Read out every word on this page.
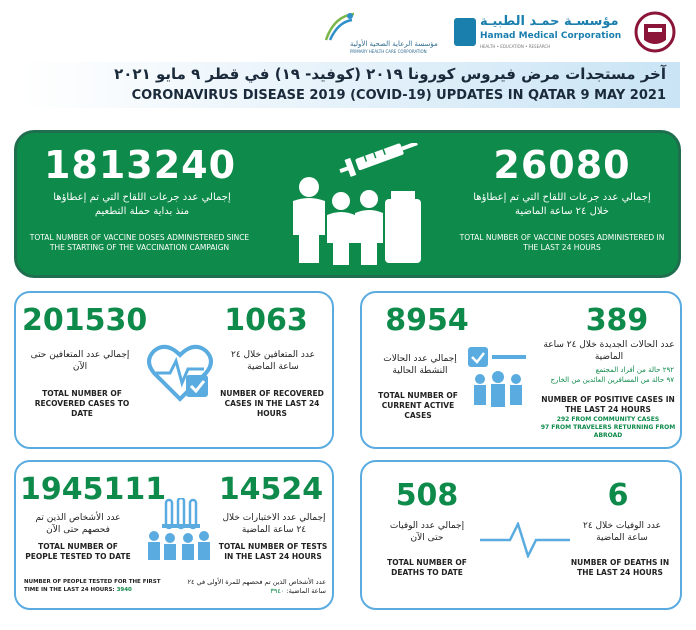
مؤسسـة حمـد الطبيـة
Hamad Medical Corporation
HEALTH • EDUCATION • RESEARCH
مؤسسة الرعاية الصحية الأولية
PRIMARY HEALTH CARE CORPORATION
آخر مستجدات مرض فيروس كورونا ٢٠١٩ (كوفيد- ١٩) في قطر ٩ مايو ٢٠٢١
CORONAVIRUS DISEASE 2019 (COVID-19) UPDATES IN QATAR 9 MAY 2021
1813240
إجمالي عدد جرعات اللقاح التي تم إعطاؤها منذ بداية حملة التطعيم
TOTAL NUMBER OF VACCINE DOSES ADMINISTERED SINCE THE STARTING OF THE VACCINATION CAMPAIGN
26080
إجمالي عدد جرعات اللقاح التي تم إعطاؤها خلال ٢٤ ساعة الماضية
TOTAL NUMBER OF VACCINE DOSES ADMINISTERED IN THE LAST 24 HOURS
201530
إجمالي عدد المتعافين حتى الآن
TOTAL NUMBER OF RECOVERED CASES TO DATE
1063
عدد المتعافين خلال ٢٤ ساعة الماضية
NUMBER OF RECOVERED CASES IN THE LAST 24 HOURS
8954
إجمالي عدد الحالات النشطة الحالية
TOTAL NUMBER OF CURRENT ACTIVE CASES
389
عدد الحالات الجديدة خلال ٢٤ ساعة الماضية
٢٩٢ حالة من أفراد المجتمع
٩٧ حالة من المسافرين العائدين من الخارج
NUMBER OF POSITIVE CASES IN THE LAST 24 HOURS
292 FROM COMMUNITY CASES
97 FROM TRAVELERS RETURNING FROM ABROAD
1945111
عدد الأشخاص الذين تم فحصهم حتى الآن
TOTAL NUMBER OF PEOPLE TESTED TO DATE
14524
إجمالي عدد الاختبارات خلال ٢٤ ساعة الماضية
TOTAL NUMBER OF TESTS IN THE LAST 24 HOURS
NUMBER OF PEOPLE TESTED FOR THE FIRST TIME IN THE LAST 24 HOURS: 3940
عدد الأشخاص الذين تم فحصهم للمرة الأولى في ٢٤ ساعة الماضية: ٣٩٤٠
508
إجمالي عدد الوفيات حتى الآن
TOTAL NUMBER OF DEATHS TO DATE
6
عدد الوفيات خلال ٢٤ ساعة الماضية
NUMBER OF DEATHS IN THE LAST 24 HOURS
